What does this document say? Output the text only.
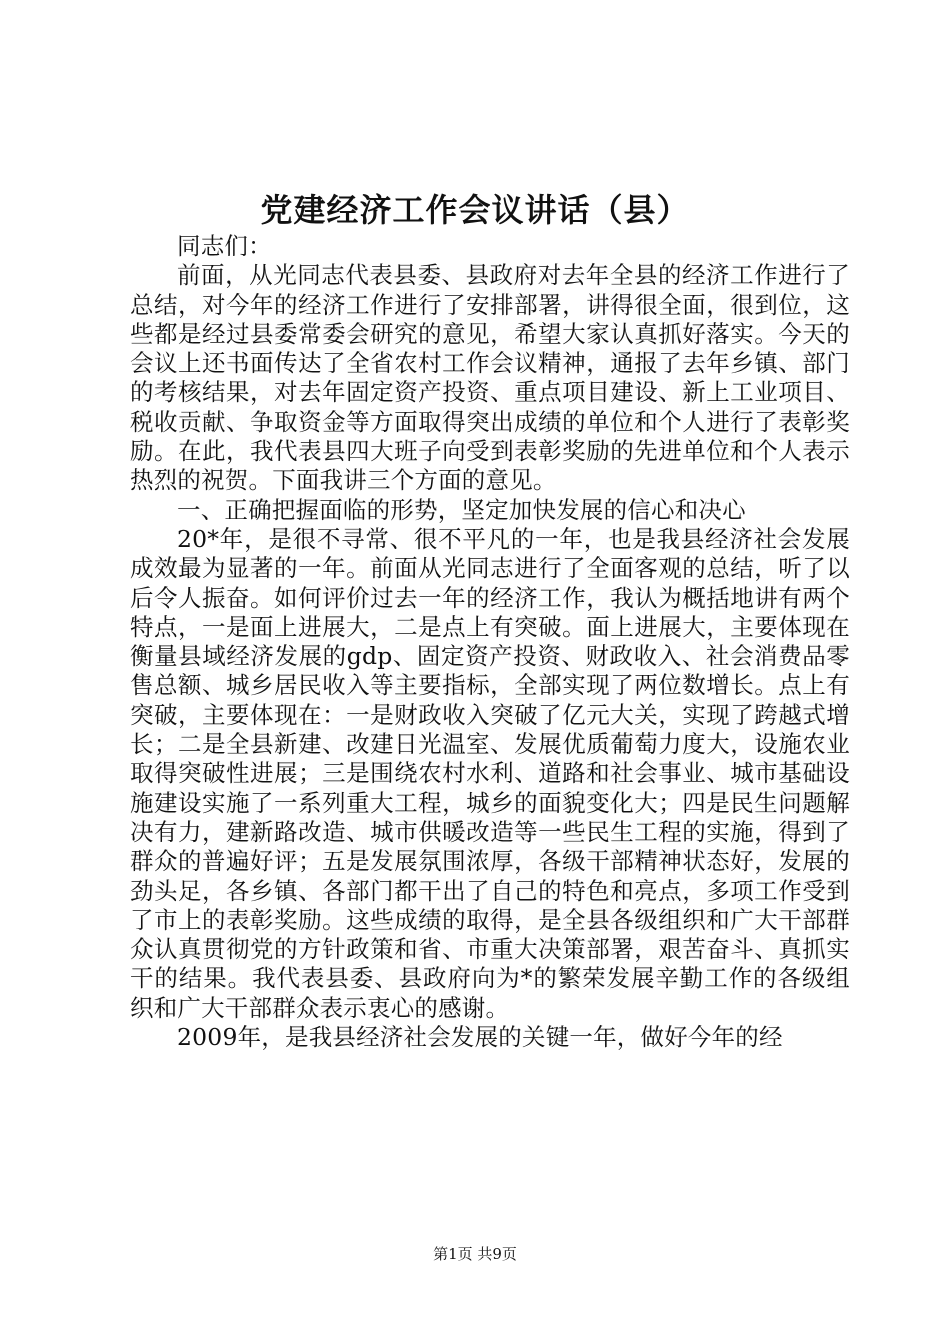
党建经济工作会议讲话（县）

同志们：

前面，从光同志代表县委、县政府对去年全县的经济工作进行了总结，对今年的经济工作进行了安排部署，讲得很全面，很到位，这些都是经过县委常委会研究的意见，希望大家认真抓好落实。今天的会议上还书面传达了全省农村工作会议精神，通报了去年乡镇、部门的考核结果，对去年固定资产投资、重点项目建设、新上工业项目、税收贡献、争取资金等方面取得突出成绩的单位和个人进行了表彰奖励。在此，我代表县四大班子向受到表彰奖励的先进单位和个人表示热烈的祝贺。下面我讲三个方面的意见。

一、正确把握面临的形势，坚定加快发展的信心和决心

20*年，是很不寻常、很不平凡的一年，也是我县经济社会发展成效最为显著的一年。前面从光同志进行了全面客观的总结，听了以后令人振奋。如何评价过去一年的经济工作，我认为概括地讲有两个特点，一是面上进展大，二是点上有突破。面上进展大，主要体现在衡量县域经济发展的gdp、固定资产投资、财政收入、社会消费品零售总额、城乡居民收入等主要指标，全部实现了两位数增长。点上有突破，主要体现在：一是财政收入突破了亿元大关，实现了跨越式增长；二是全县新建、改建日光温室、发展优质葡萄力度大，设施农业取得突破性进展；三是围绕农村水利、道路和社会事业、城市基础设施建设实施了一系列重大工程，城乡的面貌变化大；四是民生问题解决有力，建新路改造、城市供暖改造等一些民生工程的实施，得到了群众的普遍好评；五是发展氛围浓厚，各级干部精神状态好，发展的劲头足，各乡镇、各部门都干出了自己的特色和亮点，多项工作受到了市上的表彰奖励。这些成绩的取得，是全县各级组织和广大干部群众认真贯彻党的方针政策和省、市重大决策部署，艰苦奋斗、真抓实干的结果。我代表县委、县政府向为*的繁荣发展辛勤工作的各级组织和广大干部群众表示衷心的感谢。

2009年，是我县经济社会发展的关键一年，做好今年的经

第1页 共9页
